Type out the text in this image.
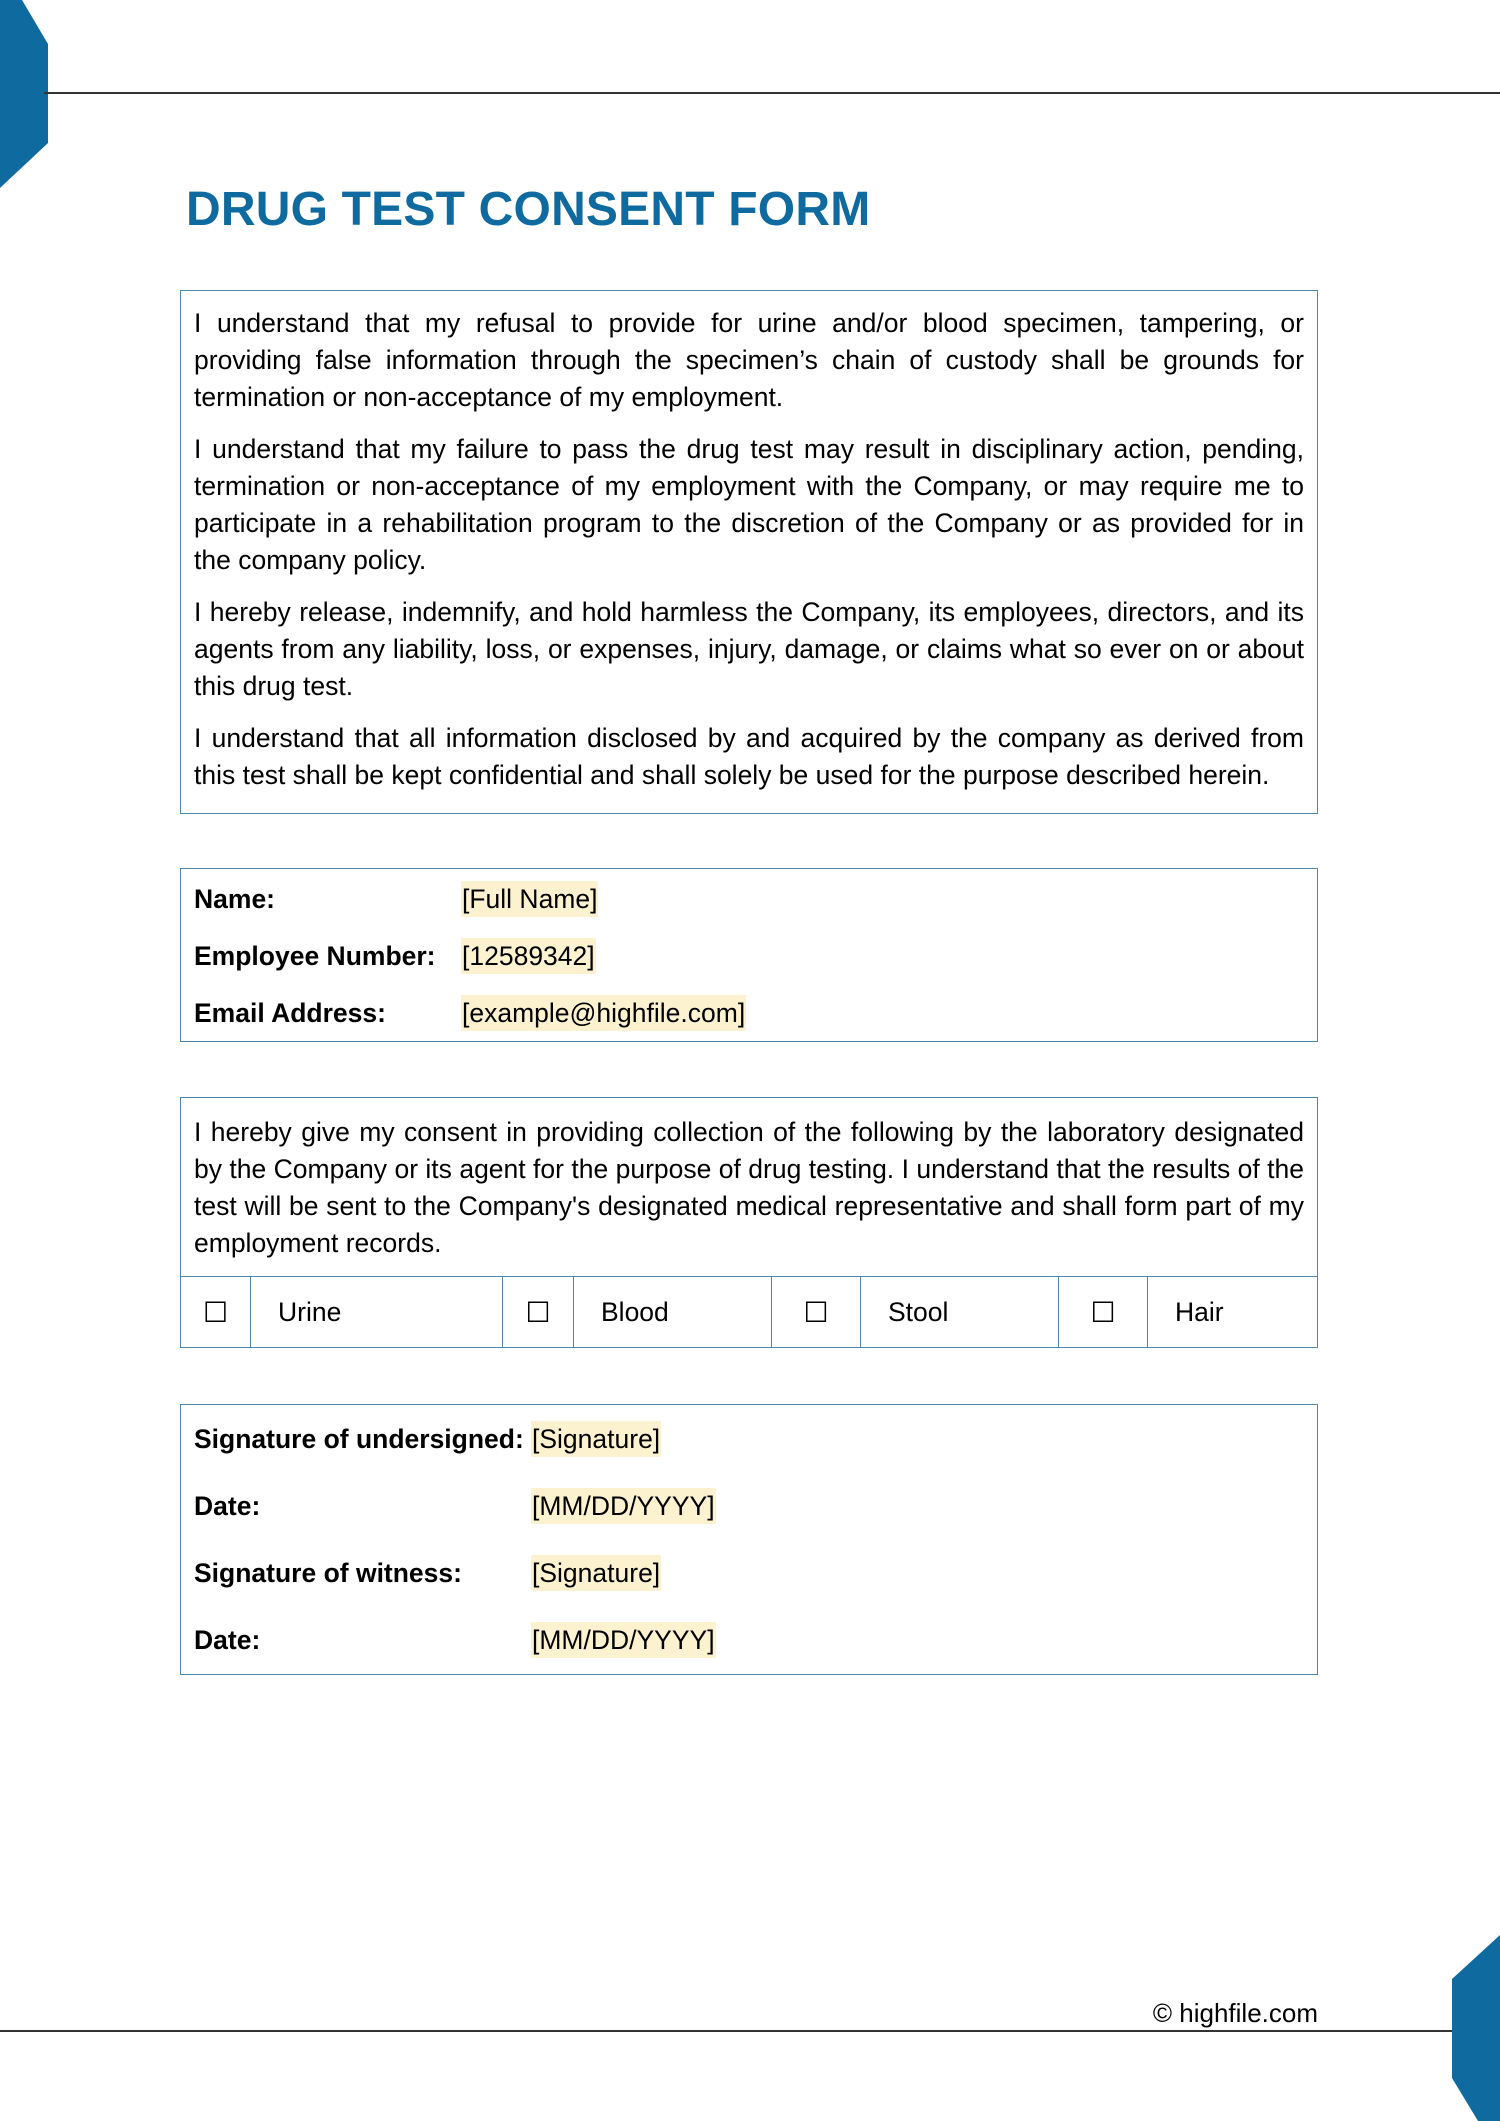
DRUG TEST CONSENT FORM

I understand that my refusal to provide for urine and/or blood specimen, tampering, or providing false information through the specimen’s chain of custody shall be grounds for termination or non-acceptance of my employment.

I understand that my failure to pass the drug test may result in disciplinary action, pending, termination or non-acceptance of my employment with the Company, or may require me to participate in a rehabilitation program to the discretion of the Company or as provided for in the company policy.

I hereby release, indemnify, and hold harmless the Company, its employees, directors, and its agents from any liability, loss, or expenses, injury, damage, or claims what so ever on or about this drug test.

I understand that all information disclosed by and acquired by the company as derived from this test shall be kept confidential and shall solely be used for the purpose described herein.

Name:	[Full Name]
Employee Number: [12589342]
Email Address:	[example@highfile.com]

I hereby give my consent in providing collection of the following by the laboratory designated by the Company or its agent for the purpose of drug testing. I understand that the results of the test will be sent to the Company's designated medical representative and shall form part of my employment records.

☐	Urine	☐	Blood	☐	Stool	☐	Hair
Signature of undersigned: [Signature]
Date:	[MM/DD/YYYY]
Signature of witness:	[Signature]
Date:	[MM/DD/YYYY]
© highfile.com
